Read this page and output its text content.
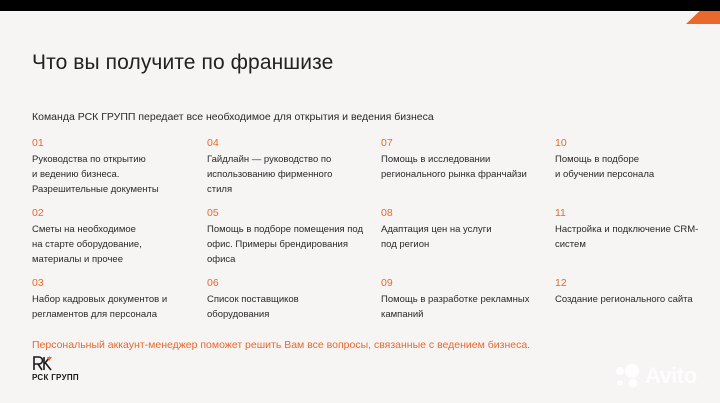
Что вы получите по франшизе
Команда РСК ГРУПП передает все необходимое для открытия и ведения бизнеса
01
Руководства по открытию
и ведению бизнеса.
Разрешительные документы
02
Сметы на необходимое
на старте оборудование,
материалы и прочее
03
Набор кадровых документов и
регламентов для персонала
04
Гайдлайн — руководство по
использованию фирменного
стиля
05
Помощь в подборе помещения под
офис. Примеры брендирования
офиса
06
Список поставщиков
оборудования
07
Помощь в исследовании
регионального рынка франчайзи
08
Адаптация цен на услуги
под регион
09
Помощь в разработке рекламных
кампаний
10
Помощь в подборе
и обучении персонала
11
Настройка и подключение CRM-
систем
12
Создание регионального сайта
Персональный аккаунт-менеджер поможет решить Вам все вопросы, связанные с ведением бизнеса.
РСК ГРУПП	Avito
